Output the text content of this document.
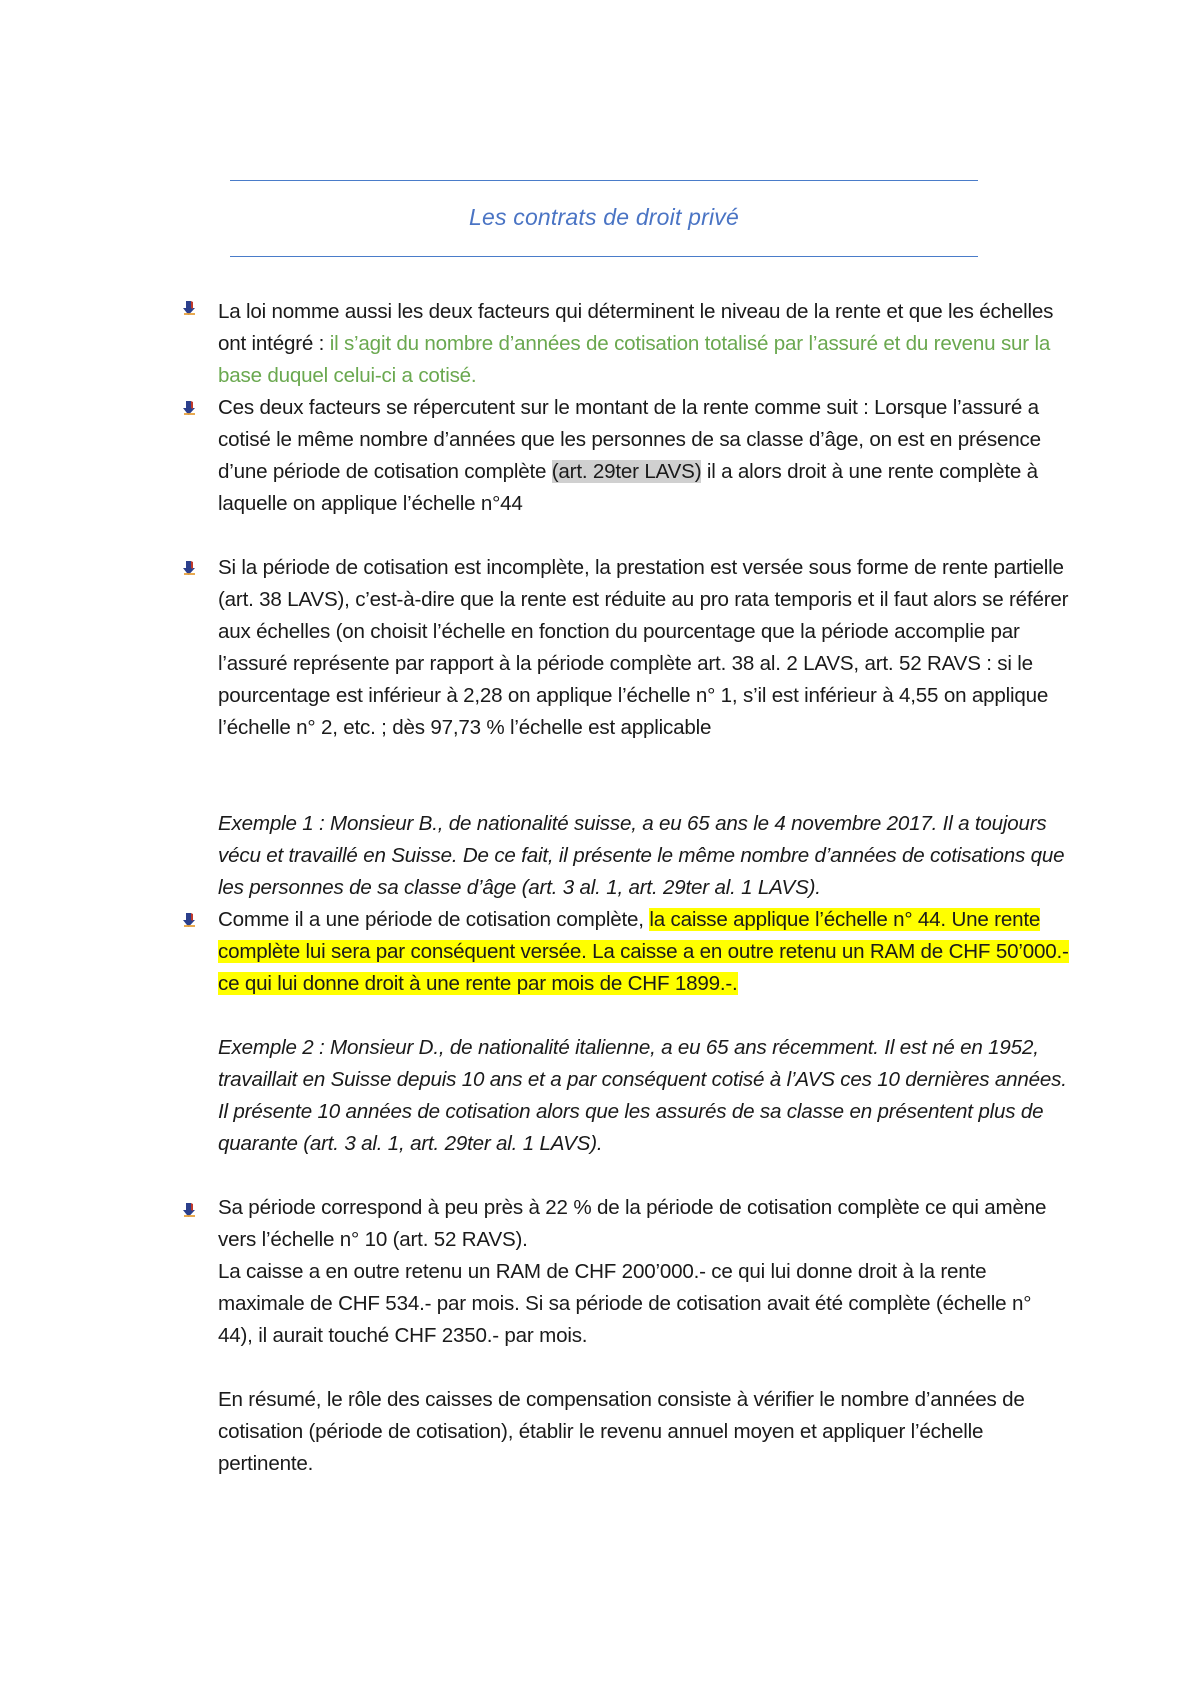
Les contrats de droit privé
La loi nomme aussi les deux facteurs qui déterminent le niveau de la rente et que les échelles ont intégré : il s’agit du nombre d’années de cotisation totalisé par l’assuré et du revenu sur la base duquel celui-ci a cotisé.
Ces deux facteurs se répercutent sur le montant de la rente comme suit : Lorsque l’assuré a cotisé le même nombre d’années que les personnes de sa classe d’âge, on est en présence d’une période de cotisation complète (art. 29ter LAVS) il a alors droit à une rente complète à laquelle on applique l’échelle n°44
Si la période de cotisation est incomplète, la prestation est versée sous forme de rente partielle (art. 38 LAVS), c’est-à-dire que la rente est réduite au pro rata temporis et il faut alors se référer aux échelles (on choisit l’échelle en fonction du pourcentage que la période accomplie par l’assuré représente par rapport à la période complète art. 38 al. 2 LAVS, art. 52 RAVS : si le pourcentage est inférieur à 2,28 on applique l’échelle n° 1, s’il est inférieur à 4,55 on applique l’échelle n° 2, etc. ; dès 97,73 % l’échelle est applicable
Exemple 1 : Monsieur B., de nationalité suisse, a eu 65 ans le 4 novembre 2017. Il a toujours vécu et travaillé en Suisse. De ce fait, il présente le même nombre d’années de cotisations que les personnes de sa classe d’âge (art. 3 al. 1, art. 29ter al. 1 LAVS).
Comme il a une période de cotisation complète, la caisse applique l’échelle n° 44. Une rente complète lui sera par conséquent versée. La caisse a en outre retenu un RAM de CHF 50’000.- ce qui lui donne droit à une rente par mois de CHF 1899.-.
Exemple 2 : Monsieur D., de nationalité italienne, a eu 65 ans récemment. Il est né en 1952, travaillait en Suisse depuis 10 ans et a par conséquent cotisé à l’AVS ces 10 dernières années. Il présente 10 années de cotisation alors que les assurés de sa classe en présentent plus de quarante (art. 3 al. 1, art. 29ter al. 1 LAVS).
Sa période correspond à peu près à 22 % de la période de cotisation complète ce qui amène vers l’échelle n° 10 (art. 52 RAVS).
La caisse a en outre retenu un RAM de CHF 200’000.- ce qui lui donne droit à la rente maximale de CHF 534.- par mois. Si sa période de cotisation avait été complète (échelle n° 44), il aurait touché CHF 2350.- par mois.
En résumé, le rôle des caisses de compensation consiste à vérifier le nombre d’années de cotisation (période de cotisation), établir le revenu annuel moyen et appliquer l’échelle pertinente.
